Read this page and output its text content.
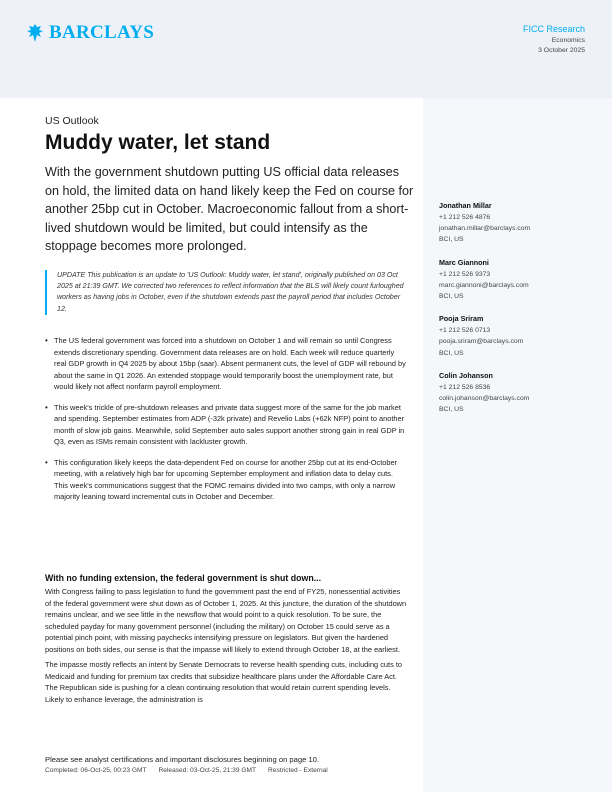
BARCLAYS	FICC Research
Economics
3 October 2025
US Outlook
Muddy water, let stand

With the government shutdown putting US official data releases on hold, the limited data on hand likely keep the Fed on course for another 25bp cut in October. Macroeconomic fallout from a short-lived shutdown would be limited, but could intensify as the stoppage becomes more prolonged.

UPDATE This publication is an update to 'US Outlook: Muddy water, let stand', originally published on 03 Oct 2025 at 21:39 GMT. We corrected two references to reflect information that the BLS will likely count furloughed workers as having jobs in October, even if the shutdown extends past the payroll period that includes October 12.
• The US federal government was forced into a shutdown on October 1 and will remain so until Congress extends discretionary spending. Government data releases are on hold. Each week will reduce quarterly real GDP growth in Q4 2025 by about 15bp (saar). Absent permanent cuts, the level of GDP will rebound by about the same in Q1 2026. An extended stoppage would temporarily boost the unemployment rate, but would likely not affect nonfarm payroll employment.
• This week's trickle of pre-shutdown releases and private data suggest more of the same for the job market and spending. September estimates from ADP (-32k private) and Revelio Labs (+62k NFP) point to another month of slow job gains. Meanwhile, solid September auto sales support another strong gain in real GDP in Q3, even as ISMs remain consistent with lackluster growth.
• This configuration likely keeps the data-dependent Fed on course for another 25bp cut at its end-October meeting, with a relatively high bar for upcoming September employment and inflation data to delay cuts. This week's communications suggest that the FOMC remains divided into two camps, with only a narrow majority leaning toward incremental cuts in October and December.
With no funding extension, the federal government is shut down...

With Congress failing to pass legislation to fund the government past the end of FY25, nonessential activities of the federal government were shut down as of October 1, 2025. At this juncture, the duration of the shutdown remains unclear, and we see little in the newsflow that would point to a quick resolution. To be sure, the scheduled payday for many government personnel (including the military) on October 15 could serve as a potential pinch point, with missing paychecks intensifying pressure on legislators. But given the hardened positions on both sides, our sense is that the impasse will likely to extend through October 18, at the earliest.

The impasse mostly reflects an intent by Senate Democrats to reverse health spending cuts, including cuts to Medicaid and funding for premium tax credits that subsidize healthcare plans under the Affordable Care Act. The Republican side is pushing for a clean continuing resolution that would retain current spending levels. Likely to enhance leverage, the administration is

Jonathan Millar
+1 212 526 4876
jonathan.millar@barclays.com
BCI, US
Marc Giannoni
+1 212 526 9373
marc.giannoni@barclays.com
BCI, US
Pooja Sriram
+1 212 526 0713
pooja.sriram@barclays.com
BCI, US
Colin Johanson
+1 212 526 8536
colin.johanson@barclays.com
BCI, US
Please see analyst certifications and important disclosures beginning on page 10.
Completed: 06-Oct-25, 00:23 GMT Released: 03-Oct-25, 21:39 GMT Restricted - External
